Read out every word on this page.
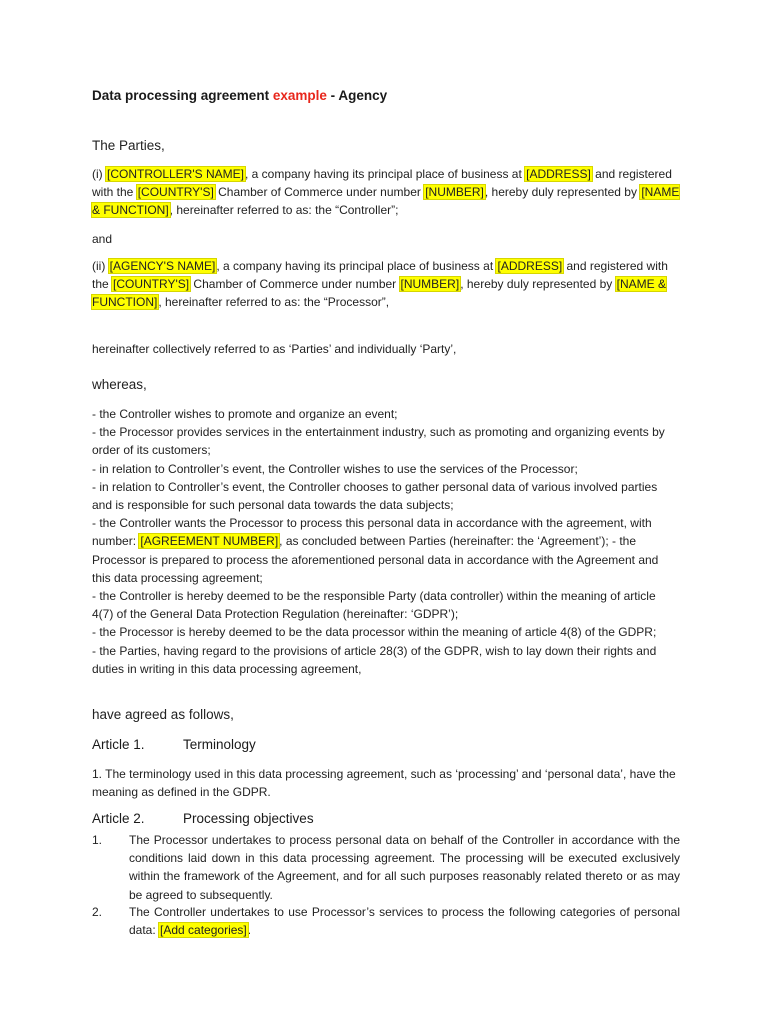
Data processing agreement example - Agency
The Parties,
(i) [CONTROLLER'S NAME], a company having its principal place of business at [ADDRESS] and registered with the [COUNTRY'S] Chamber of Commerce under number [NUMBER], hereby duly represented by [NAME & FUNCTION], hereinafter referred to as: the “Controller”;
and
(ii) [AGENCY'S NAME], a company having its principal place of business at [ADDRESS] and registered with the [COUNTRY'S] Chamber of Commerce under number [NUMBER], hereby duly represented by [NAME & FUNCTION], hereinafter referred to as: the “Processor”,
hereinafter collectively referred to as ‘Parties’ and individually ‘Party’,
whereas,
- the Controller wishes to promote and organize an event;
- the Processor provides services in the entertainment industry, such as promoting and organizing events by order of its customers;
- in relation to Controller’s event, the Controller wishes to use the services of the Processor;
- in relation to Controller’s event, the Controller chooses to gather personal data of various involved parties and is responsible for such personal data towards the data subjects;
- the Controller wants the Processor to process this personal data in accordance with the agreement, with number: [AGREEMENT NUMBER], as concluded between Parties (hereinafter: the ‘Agreement’); - the Processor is prepared to process the aforementioned personal data in accordance with the Agreement and this data processing agreement;
- the Controller is hereby deemed to be the responsible Party (data controller) within the meaning of article 4(7) of the General Data Protection Regulation (hereinafter: ‘GDPR’);
- the Processor is hereby deemed to be the data processor within the meaning of article 4(8) of the GDPR;
- the Parties, having regard to the provisions of article 28(3) of the GDPR, wish to lay down their rights and duties in writing in this data processing agreement,
have agreed as follows,
Article 1.	Terminology
1. The terminology used in this data processing agreement, such as ‘processing’ and ‘personal data’, have the meaning as defined in the GDPR.
Article 2.	Processing objectives
1. The Processor undertakes to process personal data on behalf of the Controller in accordance with the conditions laid down in this data processing agreement. The processing will be executed exclusively within the framework of the Agreement, and for all such purposes reasonably related thereto or as may be agreed to subsequently.
2. The Controller undertakes to use Processor’s services to process the following categories of personal data: [Add categories].
